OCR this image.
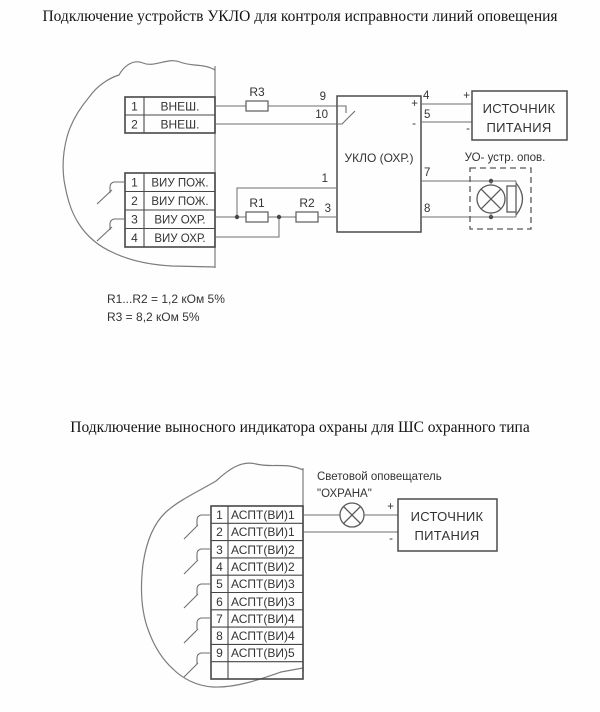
Подключение устройств УКЛО для контроля исправности линий оповещения
Подключение выносного индикатора охраны для ШС охранного типа
1 ВНЕШ.
2 ВНЕШ.
1 ВИУ ПОЖ.
2 ВИУ ПОЖ.
3 ВИУ ОХР.
4 ВИУ ОХР.
R3	9
10
УКЛО (ОХР.)
4
5
+
-
+
-
ИСТОЧНИК
ПИТАНИЯ
7
8
УО- устр. опов.
1
R1	R2 3
R1...R2 = 1,2 кОм 5%
R3 = 8,2 кОм 5%
1 АСПТ(ВИ)1
2 АСПТ(ВИ)1
3 АСПТ(ВИ)2
4 АСПТ(ВИ)2
5 АСПТ(ВИ)3
6 АСПТ(ВИ)3
7 АСПТ(ВИ)4
8 АСПТ(ВИ)4
9 АСПТ(ВИ)5
Световой оповещатель
"ОХРАНА"
+
-
ИСТОЧНИК
ПИТАНИЯ
